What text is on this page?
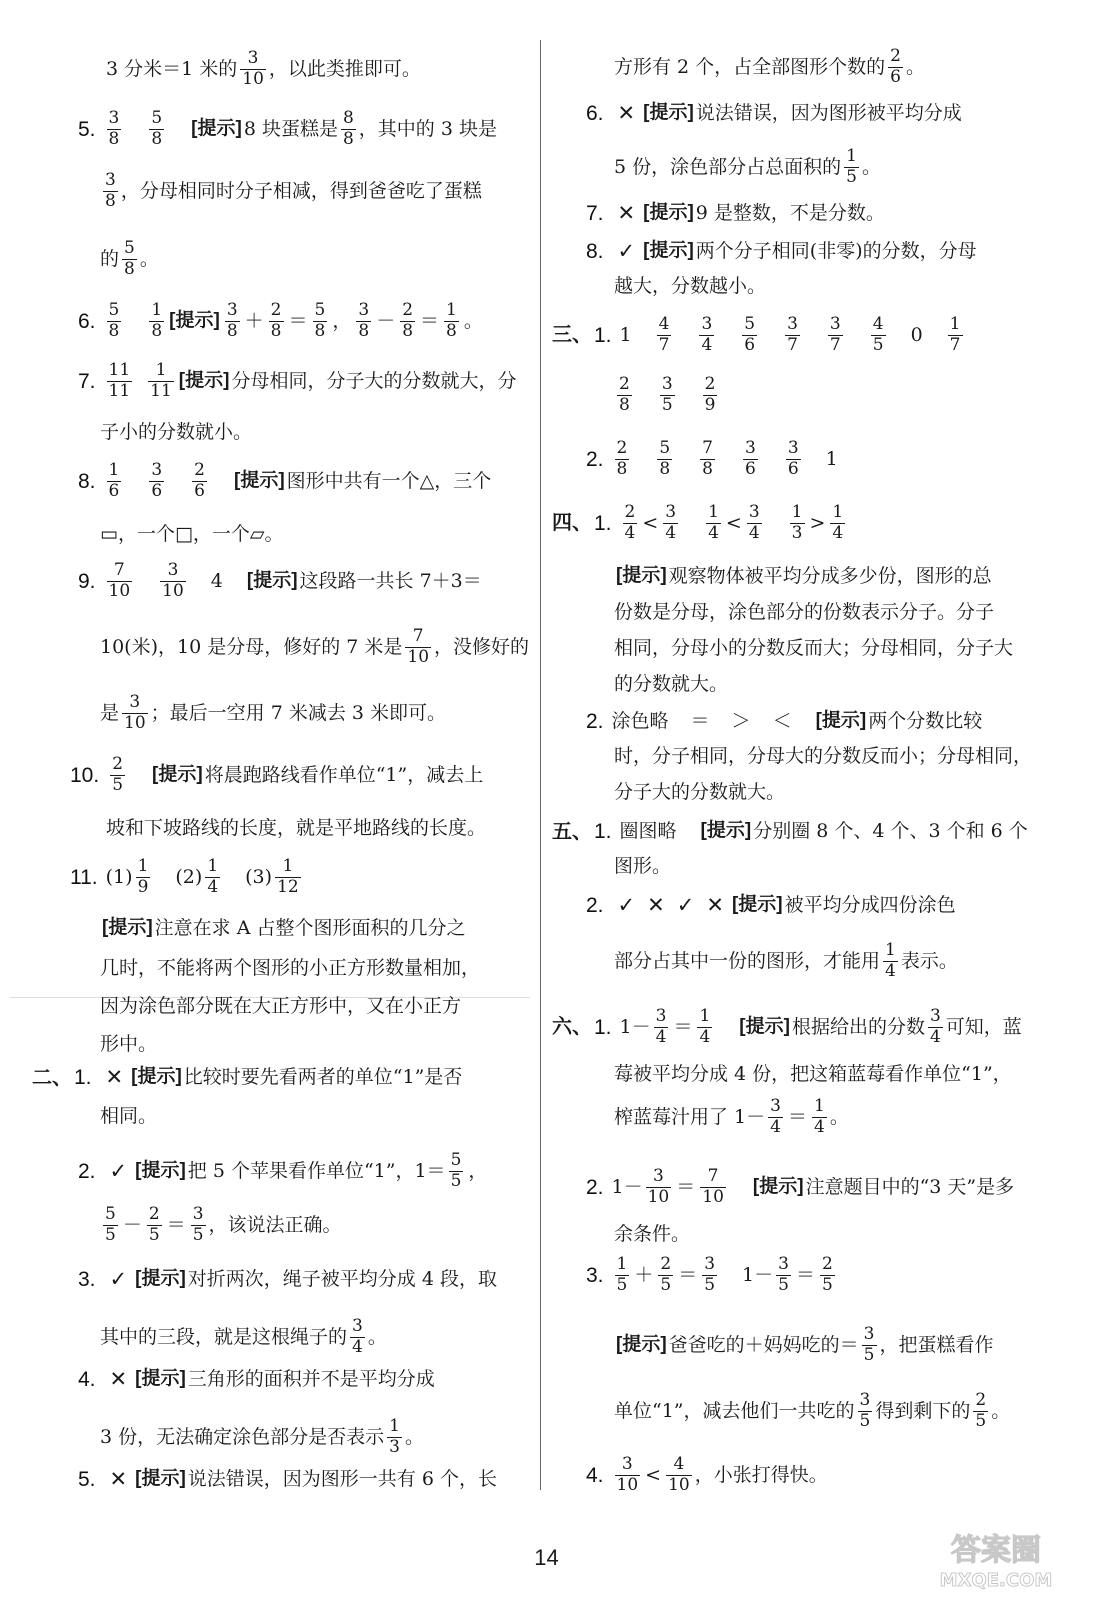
3 分米＝1 米的 $\frac{3}{10}$ ，以此类推即可。
5. $\frac{3}{8} \frac{5}{8}$ [提示] 8 块蛋糕是 $\frac{8}{8}$ ，其中的 3 块是
$\frac{3}{8}$ ，分母相同时分子相减，得到爸爸吃了蛋糕
的 $\frac{5}{8}$ 。
6. $\frac{5}{8} \frac{1}{8}$ [提示] $\frac{3}{8} + \frac{2}{8} = \frac{5}{8}$ ， $\frac{3}{8} - \frac{2}{8} = \frac{1}{8}$ 。
7. $\frac{11}{11} \frac{1}{11}$ [提示] 分母相同，分子大的分数就大，分
子小的分数就小。
8. $\frac{1}{6} \frac{3}{6} \frac{2}{6}$ [提示] 图形中共有一个△，三个
▭，一个□，一个▱。
9. $\frac{7}{10} \frac{3}{10} 4$ [提示] 这段路一共长 7＋3＝
10(米)，10 是分母，修好的 7 米是 $\frac{7}{10}$ ，没修好的
是 $\frac{3}{10}$ ；最后一空用 7 米减去 3 米即可。
10. $\frac{2}{5}$ [提示] 将晨跑路线看作单位“1”，减去上
坡和下坡路线的长度，就是平地路线的长度。
11. $(1) \frac{1}{9} (2) \frac{1}{4} (3) \frac{1}{12}$
[提示] 注意在求 A 占整个图形面积的几分之
几时，不能将两个图形的小正方形数量相加，
因为涂色部分既在大正方形中，又在小正方
形中。
二、 1. ✕ [提示] 比较时要先看两者的单位“1”是否
相同。
2. ✓ [提示] 把 5 个苹果看作单位“1”，$1= \frac{5}{5}$ ，
$\frac{5}{5} - \frac{2}{5} = \frac{3}{5}$ ，该说法正确。
3. ✓ [提示] 对折两次，绳子被平均分成 4 段，取
其中的三段，就是这根绳子的 $\frac{3}{4}$ 。
4. ✕ [提示] 三角形的面积并不是平均分成
3 份，无法确定涂色部分是否表示 $\frac{1}{3}$ 。
5. ✕ [提示] 说法错误，因为图形一共有 6 个，长
方形有 2 个，占全部图形个数的 $\frac{2}{6}$ 。
6. ✕ [提示] 说法错误，因为图形被平均分成
5 份，涂色部分占总面积的 $\frac{1}{5}$ 。
7. ✕ [提示] 9 是整数，不是分数。
8. ✓ [提示] 两个分子相同(非零)的分数，分母
越大，分数越小。
三、 1. $1 \frac{4}{7} \frac{3}{4} \frac{5}{6} \frac{3}{7} \frac{3}{7} \frac{4}{5} 0 \frac{1}{7}$
$\frac{2}{8} \frac{3}{5} \frac{2}{9}$
2. $\frac{2}{8} \frac{5}{8} \frac{7}{8} \frac{3}{6} \frac{3}{6} 1$
四、 1. $\frac{2}{4} < \frac{3}{4} \frac{1}{4} < \frac{3}{4} \frac{1}{3} > \frac{1}{4}$
[提示] 观察物体被平均分成多少份，图形的总
份数是分母，涂色部分的份数表示分子。分子
相同，分母小的分数反而大；分母相同，分子大
的分数就大。
2. 涂色略 ＝ ＞ ＜ [提示] 两个分数比较
时，分子相同，分母大的分数反而小；分母相同，
分子大的分数就大。
五、 1. 圈图略 [提示] 分别圈 8 个、4 个、3 个和 6 个
图形。
2. ✓ ✕ ✓ ✕ [提示] 被平均分成四份涂色
部分占其中一份的图形，才能用 $\frac{1}{4}$ 表示。
六、 1. $1- \frac{3}{4} = \frac{1}{4}$ [提示] 根据给出的分数 $\frac{3}{4}$ 可知，蓝
莓被平均分成 4 份，把这箱蓝莓看作单位“1”，
榨蓝莓汁用了 $1- \frac{3}{4} = \frac{1}{4}$ 。
2. $1- \frac{3}{10} = \frac{7}{10}$ [提示] 注意题目中的“3 天”是多
余条件。
3. $\frac{1}{5} + \frac{2}{5} = \frac{3}{5} 1- \frac{3}{5} = \frac{2}{5}$
[提示] 爸爸吃的＋妈妈吃的＝ $\frac{3}{5}$ ，把蛋糕看作
单位“1”，减去他们一共吃的 $\frac{3}{5}$ 得到剩下的 $\frac{2}{5}$ 。
4. $\frac{3}{10} < \frac{4}{10}$ ，小张打得快。
14	答案圈
MXQE.COM
